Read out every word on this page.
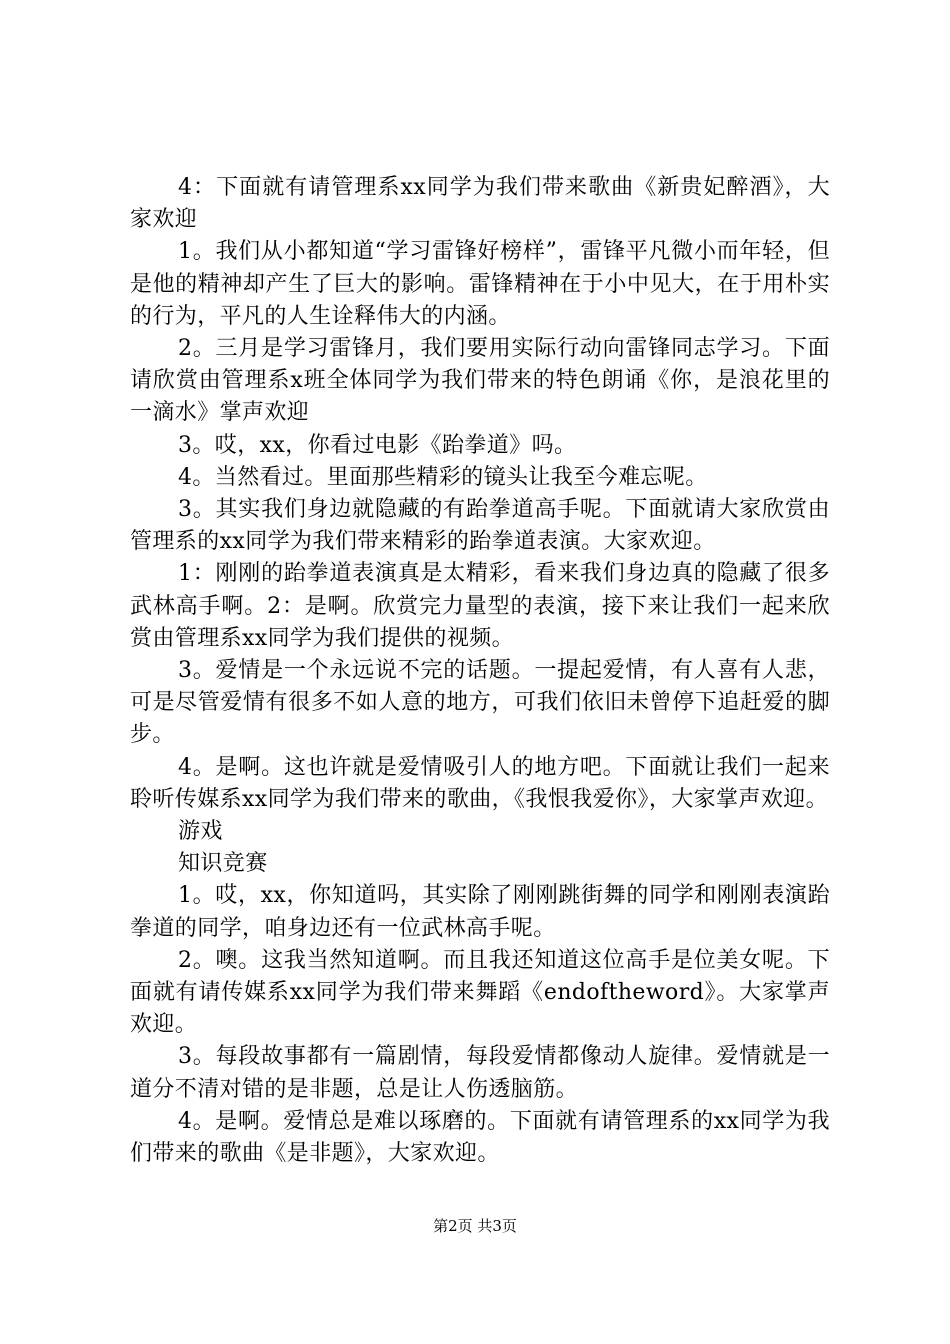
4：下面就有请管理系xx同学为我们带来歌曲《新贵妃醉酒》，大家欢迎

1。我们从小都知道“学习雷锋好榜样”，雷锋平凡微小而年轻，但是他的精神却产生了巨大的影响。雷锋精神在于小中见大，在于用朴实的行为，平凡的人生诠释伟大的内涵。

2。三月是学习雷锋月，我们要用实际行动向雷锋同志学习。下面请欣赏由管理系x班全体同学为我们带来的特色朗诵《你，是浪花里的一滴水》掌声欢迎

3。哎，xx，你看过电影《跆拳道》吗。

4。当然看过。里面那些精彩的镜头让我至今难忘呢。

3。其实我们身边就隐藏的有跆拳道高手呢。下面就请大家欣赏由管理系的xx同学为我们带来精彩的跆拳道表演。大家欢迎。

1：刚刚的跆拳道表演真是太精彩，看来我们身边真的隐藏了很多武林高手啊。2：是啊。欣赏完力量型的表演，接下来让我们一起来欣赏由管理系xx同学为我们提供的视频。

3。爱情是一个永远说不完的话题。一提起爱情，有人喜有人悲，可是尽管爱情有很多不如人意的地方，可我们依旧未曾停下追赶爱的脚步。

4。是啊。这也许就是爱情吸引人的地方吧。下面就让我们一起来聆听传媒系xx同学为我们带来的歌曲，《我恨我爱你》，大家掌声欢迎。

游戏

知识竞赛

1。哎，xx，你知道吗，其实除了刚刚跳街舞的同学和刚刚表演跆拳道的同学，咱身边还有一位武林高手呢。

2。噢。这我当然知道啊。而且我还知道这位高手是位美女呢。下面就有请传媒系xx同学为我们带来舞蹈《endoftheword》。大家掌声欢迎。

3。每段故事都有一篇剧情，每段爱情都像动人旋律。爱情就是一道分不清对错的是非题，总是让人伤透脑筋。

4。是啊。爱情总是难以琢磨的。下面就有请管理系的xx同学为我们带来的歌曲《是非题》，大家欢迎。

第2页 共3页
